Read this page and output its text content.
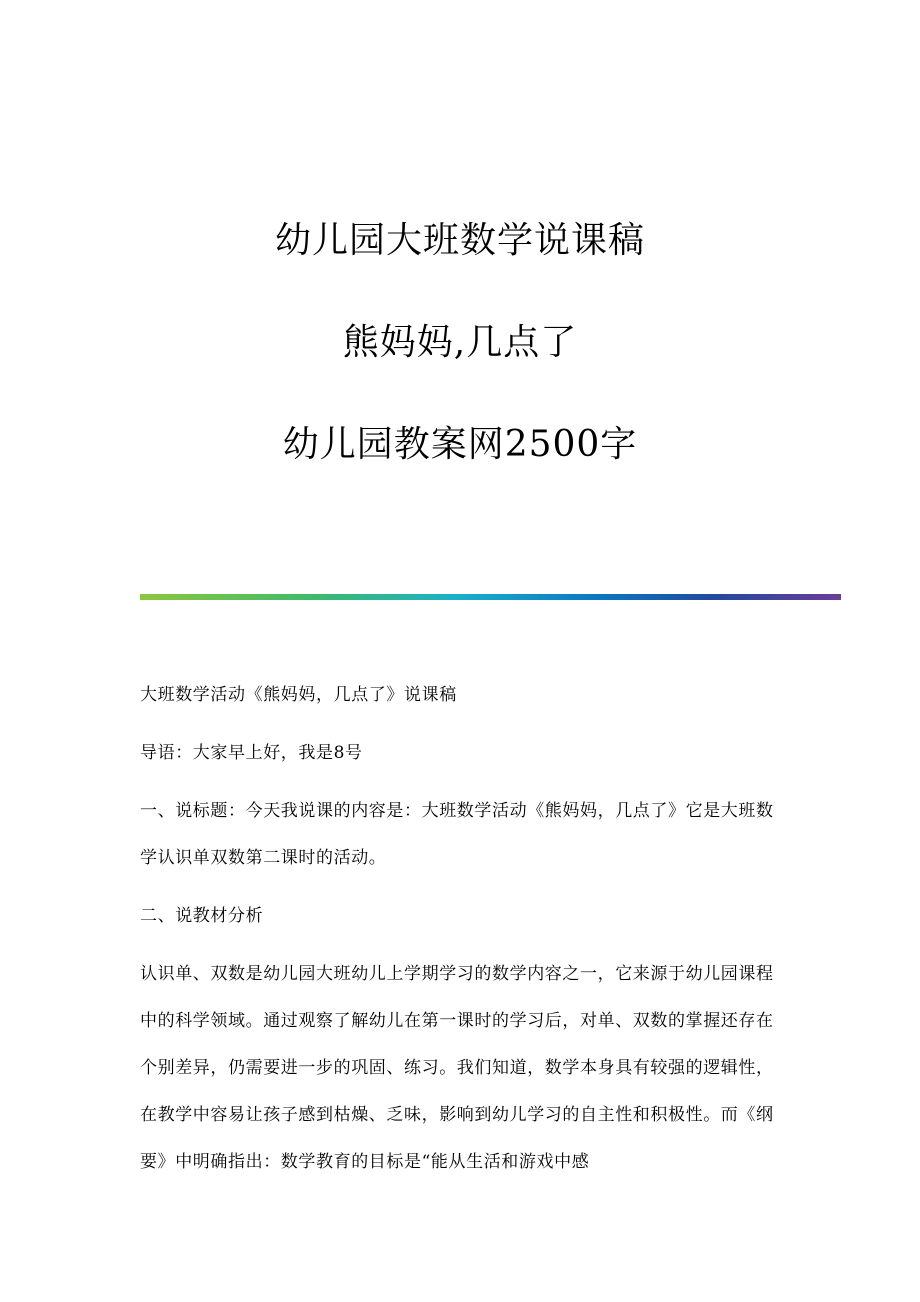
幼儿园大班数学说课稿
熊妈妈,几点了
幼儿园教案网2500字

大班数学活动《熊妈妈，几点了》说课稿

导语：大家早上好，我是8号

一、说标题：今天我说课的内容是：大班数学活动《熊妈妈，几点了》它是大班数学认识单双数第二课时的活动。

二、说教材分析

认识单、双数是幼儿园大班幼儿上学期学习的数学内容之一，它来源于幼儿园课程中的科学领域。通过观察了解幼儿在第一课时的学习后，对单、双数的掌握还存在个别差异，仍需要进一步的巩固、练习。我们知道，数学本身具有较强的逻辑性，在教学中容易让孩子感到枯燥、乏味，影响到幼儿学习的自主性和积极性。而《纲要》中明确指出：数学教育的目标是“能从生活和游戏中感
